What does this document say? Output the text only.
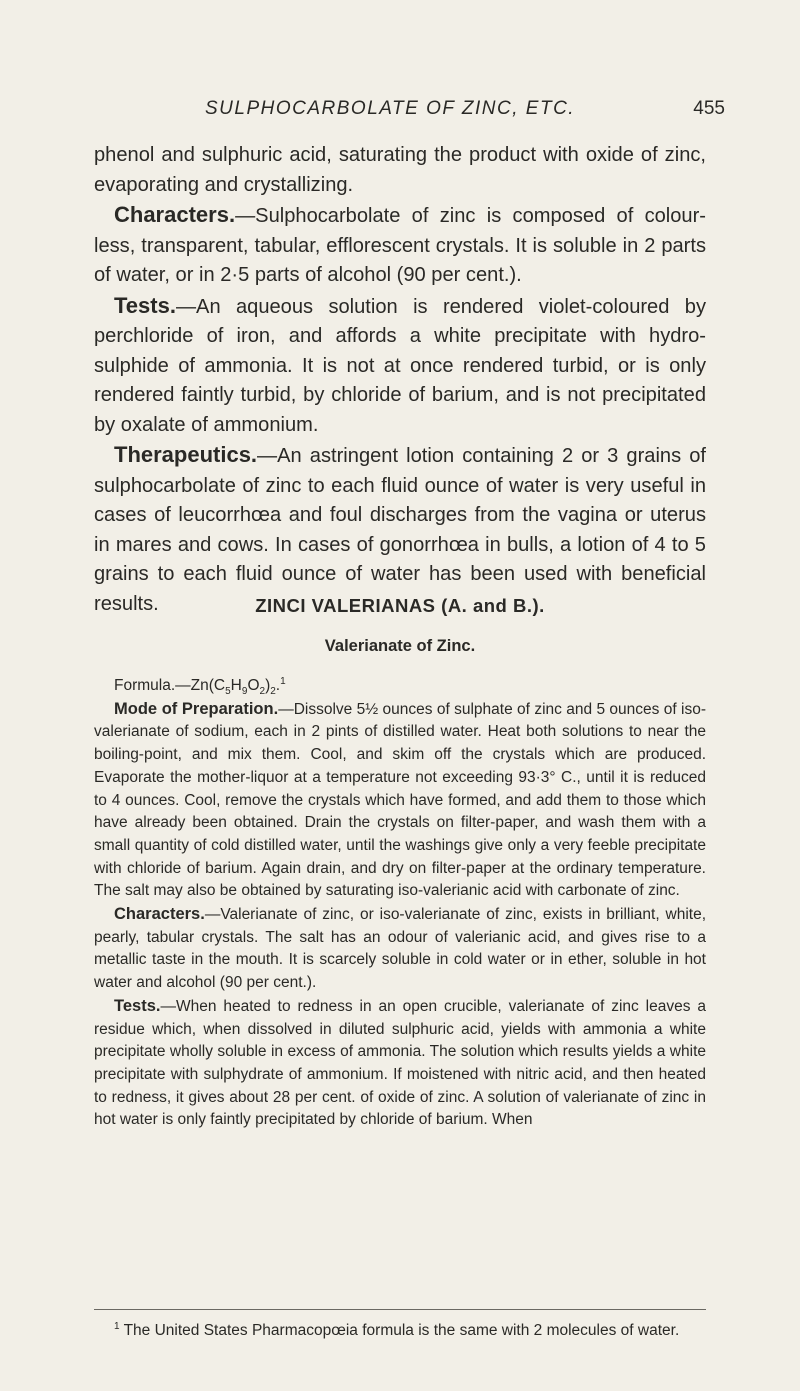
SULPHOCARBOLATE OF ZINC, ETC.	455

phenol and sulphuric acid, saturating the product with oxide of zinc, evaporating and crystallizing.

Characters.—Sulphocarbolate of zinc is composed of colour-less, transparent, tabular, efflorescent crystals. It is soluble in 2 parts of water, or in 2·5 parts of alcohol (90 per cent.).

Tests.—An aqueous solution is rendered violet-coloured by perchloride of iron, and affords a white precipitate with hydro-sulphide of ammonia. It is not at once rendered turbid, or is only rendered faintly turbid, by chloride of barium, and is not precipitated by oxalate of ammonium.

Therapeutics.—An astringent lotion containing 2 or 3 grains of sulphocarbolate of zinc to each fluid ounce of water is very useful in cases of leucorrhœa and foul discharges from the vagina or uterus in mares and cows. In cases of gonorrhœa in bulls, a lotion of 4 to 5 grains to each fluid ounce of water has been used with beneficial results.	ZINCI VALERIANAS (A. and B.).
Valerianate of Zinc.

$Formula.—Zn(C_5H_9O_2)_2.^1$

Mode of Preparation.—Dissolve 5½ ounces of sulphate of zinc and 5 ounces of iso-valerianate of sodium, each in 2 pints of distilled water. Heat both solutions to near the boiling-point, and mix them. Cool, and skim off the crystals which are produced. Evaporate the mother-liquor at a temperature not exceeding 93·3° C., until it is reduced to 4 ounces. Cool, remove the crystals which have formed, and add them to those which have already been obtained. Drain the crystals on filter-paper, and wash them with a small quantity of cold distilled water, until the washings give only a very feeble precipitate with chloride of barium. Again drain, and dry on filter-paper at the ordinary temperature. The salt may also be obtained by saturating iso-valerianic acid with carbonate of zinc.

Characters.—Valerianate of zinc, or iso-valerianate of zinc, exists in brilliant, white, pearly, tabular crystals. The salt has an odour of valerianic acid, and gives rise to a metallic taste in the mouth. It is scarcely soluble in cold water or in ether, soluble in hot water and alcohol (90 per cent.).

Tests.—When heated to redness in an open crucible, valerianate of zinc leaves a residue which, when dissolved in diluted sulphuric acid, yields with ammonia a white precipitate wholly soluble in excess of ammonia. The solution which results yields a white precipitate with sulphydrate of ammonium. If moistened with nitric acid, and then heated to redness, it gives about 28 per cent. of oxide of zinc. A solution of valerianate of zinc in hot water is only faintly precipitated by chloride of barium. When

$^1$ The United States Pharmacopœia formula is the same with 2 molecules of water.
